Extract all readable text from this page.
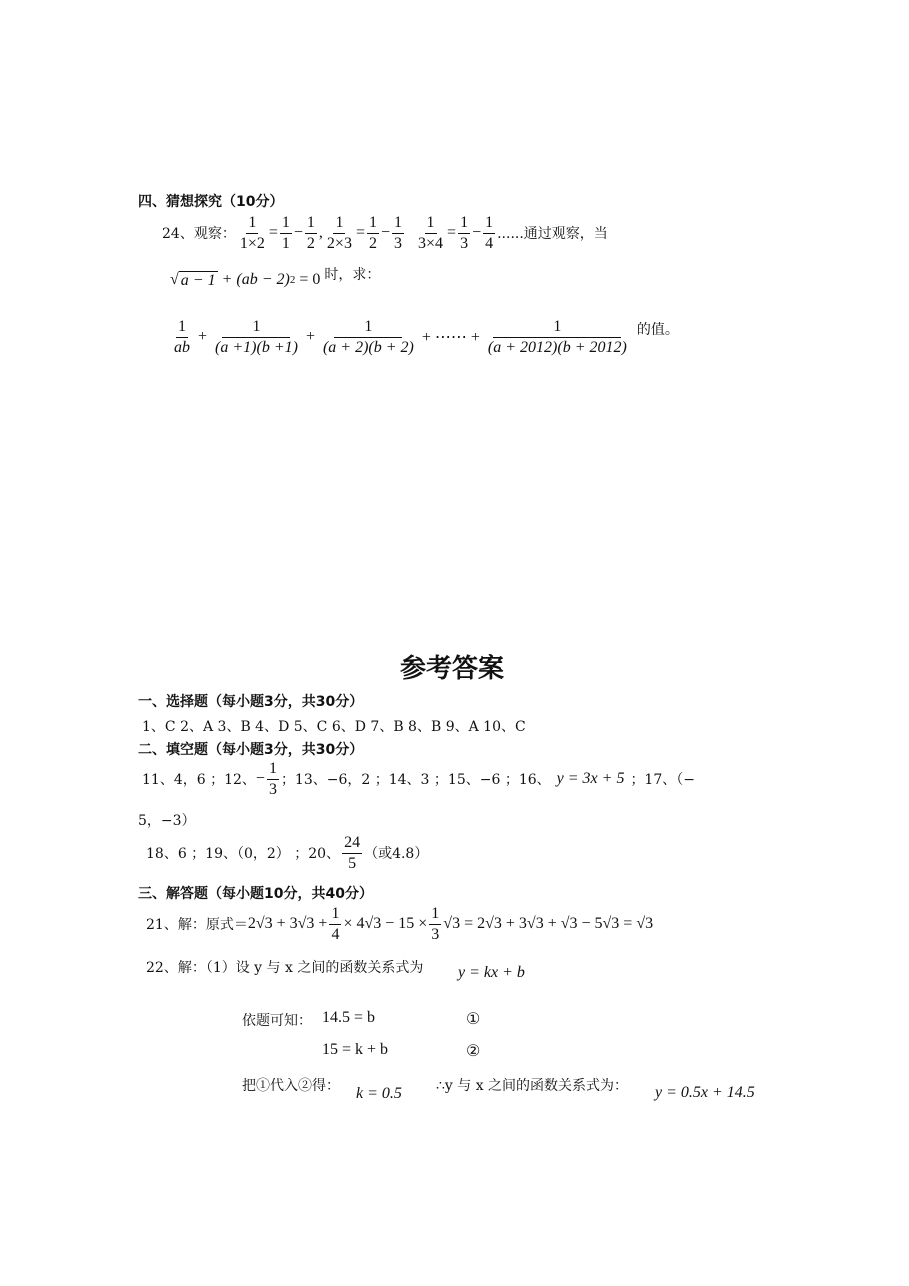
四、猜想探究（10分）
24、观察： $\frac{1}{1\times 2} = \frac{1}{1} - \frac{1}{2}$ , $\frac{1}{2\times 3} = \frac{1}{2} - \frac{1}{3}$
$\frac{1}{3\times 4} = \frac{1}{3} - \frac{1}{4}$ ......通过观察，当
√ a − 1 + (ab − 2) 2 = 0 时，求：
$\frac{1}{ab} + \frac{1}{(a +1)(b +1)} + \frac{1}{(a + 2)(b + 2)}$ + ⋯⋯ + $\frac{1}{(a + 2012)(b + 2012)}$ 的值。
参考答案
一、选择题（每小题3分，共30分）
1、C 2、A 3、B 4、D 5、C 6、D 7、B 8、B 9、A 10、C
二、填空题（每小题3分，共30分）
11、4，6 ；12、 − $\frac{1}{3}$ ；13、−6，2 ；14、3 ；15、−6 ；16、 y = 3x + 5 ；17、（−
5，−3）
18、6 ；19、（0，2） ；20、 $\frac{24}{5}$ （或4.8）
三、解答题（每小题10分，共40分）
21、解：原式＝ $2√3 + 3√3 + \frac{1}{4} \times 4√3 - 15 \times \frac{1}{3} √3 = 2√3 + 3√3 + √3 - 5√3 = √3$
22、解：（1）设 y 与 x 之间的函数关系式为 y = kx + b
依题可知： 14.5 = b	①
15 = k + b	②
把①代入②得： k = 0.5 ∴y 与 x 之间的函数关系式为： y = 0.5x + 14.5
